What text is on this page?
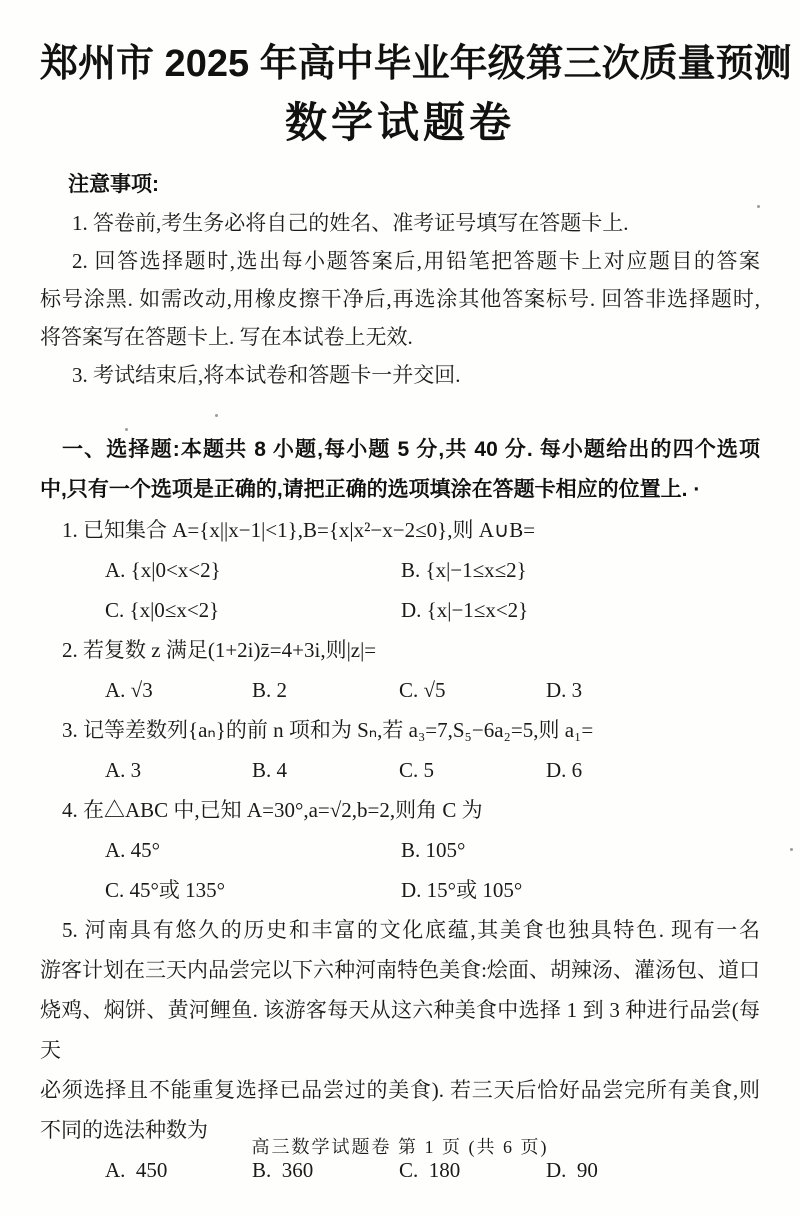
郑州市 2025 年高中毕业年级第三次质量预测
数学试题卷
注意事项:
1. 答卷前,考生务必将自己的姓名、准考证号填写在答题卡上.
2. 回答选择题时,选出每小题答案后,用铅笔把答题卡上对应题目的答案
标号涂黑. 如需改动,用橡皮擦干净后,再选涂其他答案标号. 回答非选择题时,
将答案写在答题卡上. 写在本试卷上无效.
3. 考试结束后,将本试卷和答题卡一并交回.
一、选择题:本题共 8 小题,每小题 5 分,共 40 分. 每小题给出的四个选项
中,只有一个选项是正确的,请把正确的选项填涂在答题卡相应的位置上. ·
1. 已知集合 A={x||x−1|<1},B={x|x²−x−2≤0},则 A∪B=
A. {x|0<x<2}	B. {x|−1≤x≤2}
C. {x|0≤x<2}	D. {x|−1≤x<2}
2. 若复数 z 满足(1+2i)z̄=4+3i,则|z|=
A. √3	B. 2	C. √5	D. 3
3. 记等差数列{aₙ}的前 n 项和为 Sₙ,若 a₃=7,S₅−6a₂=5,则 a₁=
A. 3	B. 4	C. 5	D. 6
4. 在△ABC 中,已知 A=30°,a=√2,b=2,则角 C 为
A. 45°	B. 105°
C. 45°或 135°	D. 15°或 105°
5. 河南具有悠久的历史和丰富的文化底蕴,其美食也独具特色. 现有一名
游客计划在三天内品尝完以下六种河南特色美食:烩面、胡辣汤、灌汤包、道口
烧鸡、焖饼、黄河鲤鱼. 该游客每天从这六种美食中选择 1 到 3 种进行品尝(每天
必须选择且不能重复选择已品尝过的美食). 若三天后恰好品尝完所有美食,则
不同的选法种数为
A.  450	B.  360	C.  180	D.  90
高三数学试题卷 第 1 页 (共 6 页)
